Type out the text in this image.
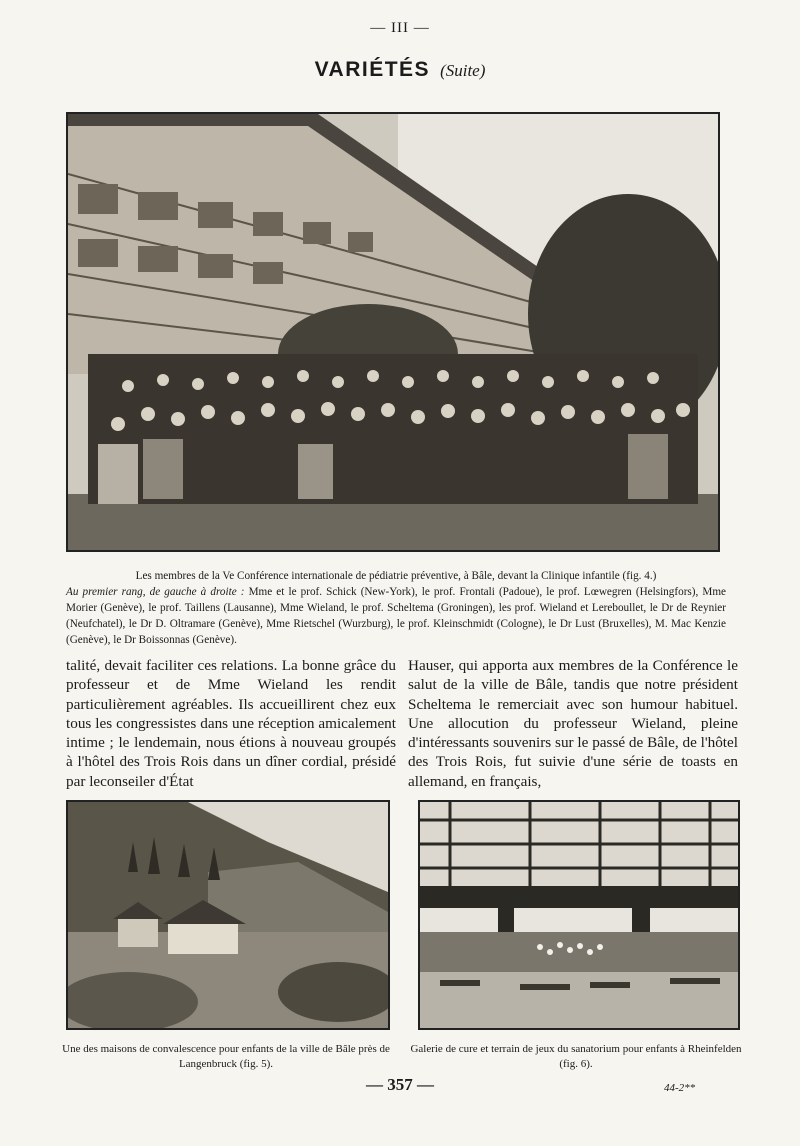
— III —
VARIÉTÉS (Suite)
Les membres de la Ve Conférence internationale de pédiatrie préventive, à Bâle, devant la Clinique infantile (fig. 4.)
Au premier rang, de gauche à droite : Mme et le prof. Schick (New-York), le prof. Frontali (Padoue), le prof. Lœwegren (Helsingfors), Mme Morier (Genève), le prof. Taillens (Lausanne), Mme Wieland, le prof. Scheltema (Groningen), les prof. Wieland et Lereboullet, le Dr de Reynier (Neufchatel), le Dr D. Oltramare (Genève), Mme Rietschel (Wurzburg), le prof. Kleinschmidt (Cologne), le Dr Lust (Bruxelles), M. Mac Kenzie (Genève), le Dr Boissonnas (Genève).
talité, devait faciliter ces relations. La bonne grâce du professeur et de Mme Wieland les rendit particulièrement agréables. Ils accueillirent chez eux tous les congressistes dans une réception amicalement intime ; le lendemain, nous étions à nouveau groupés à l'hôtel des Trois Rois dans un dîner cordial, présidé par leconseiler d'État
Hauser, qui apporta aux membres de la Conférence le salut de la ville de Bâle, tandis que notre président Scheltema le remerciait avec son humour habituel. Une allocution du professeur Wieland, pleine d'intéressants souvenirs sur le passé de Bâle, de l'hôtel des Trois Rois, fut suivie d'une série de toasts en allemand, en français,
Une des maisons de convalescence pour enfants de la ville de Bâle près de Langenbruck (fig. 5).
Galerie de cure et terrain de jeux du sanatorium pour enfants à Rheinfelden (fig. 6).
— 357 —	44-2**
